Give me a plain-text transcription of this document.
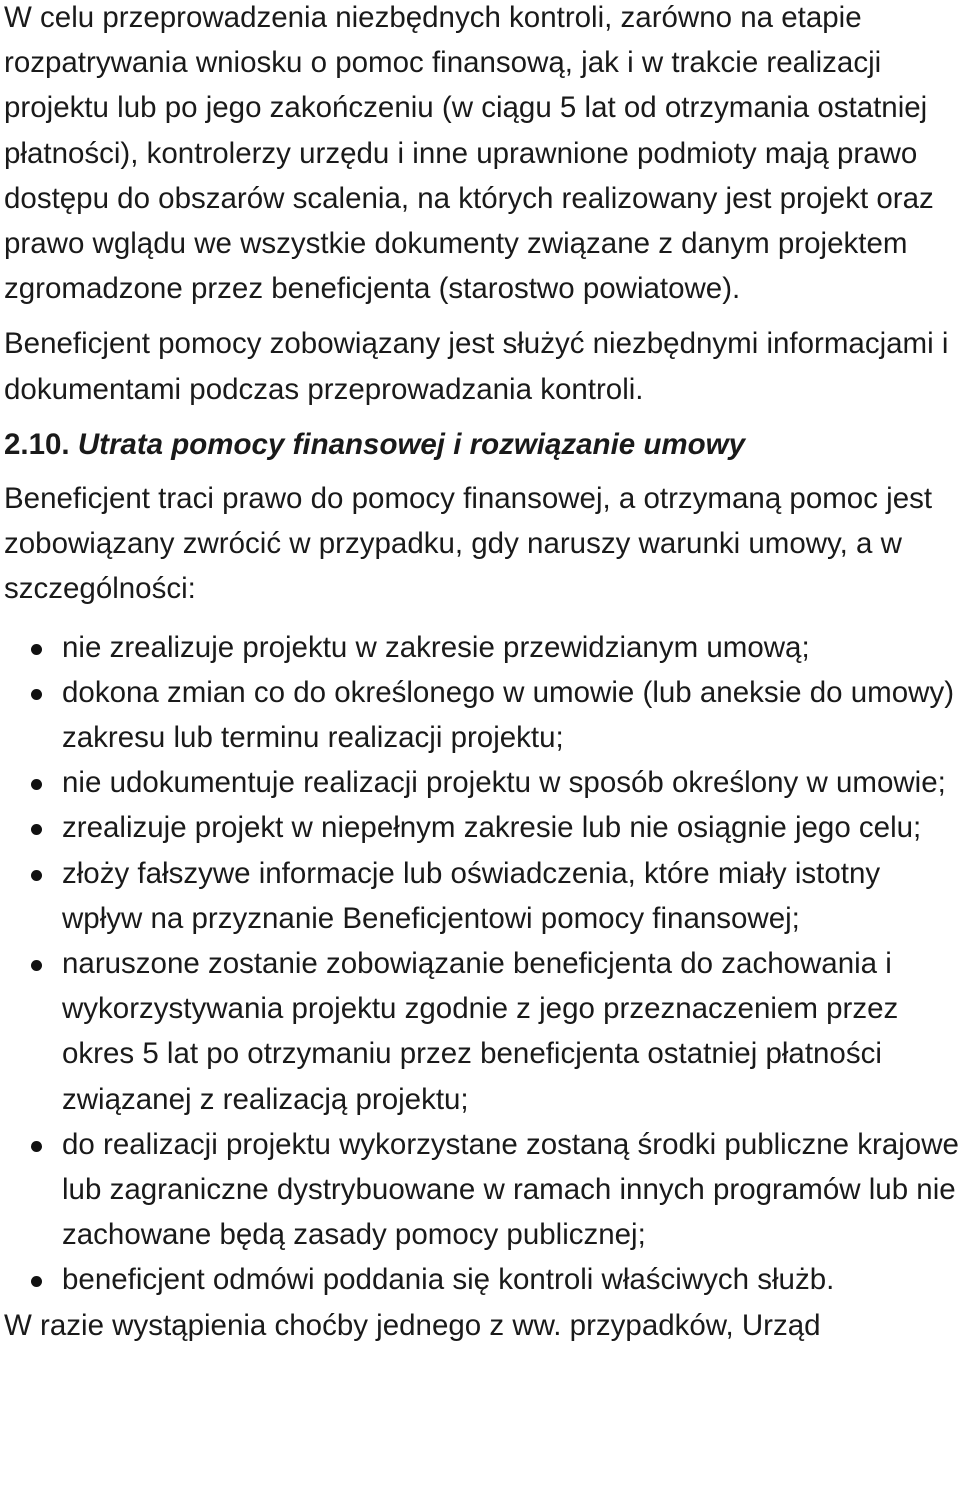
W celu przeprowadzenia niezbędnych kontroli, zarówno na etapie rozpatrywania wniosku o pomoc finansową, jak i w trakcie realizacji projektu lub po jego zakończeniu (w ciągu 5 lat od otrzymania ostatniej płatności), kontrolerzy urzędu i inne uprawnione podmioty mają prawo dostępu do obszarów scalenia, na których realizowany jest projekt oraz prawo wglądu we wszystkie dokumenty związane z danym projektem zgromadzone przez beneficjenta (starostwo powiatowe).

Beneficjent pomocy zobowiązany jest służyć niezbędnymi informacjami i dokumentami podczas przeprowadzania kontroli.

2.10. Utrata pomocy finansowej i rozwiązanie umowy

Beneficjent traci prawo do pomocy finansowej, a otrzymaną pomoc jest zobowiązany zwrócić w przypadku, gdy naruszy warunki umowy, a w szczególności:

nie zrealizuje projektu w zakresie przewidzianym umową;
dokona zmian co do określonego w umowie (lub aneksie do umowy) zakresu lub terminu realizacji projektu;
nie udokumentuje realizacji projektu w sposób określony w umowie;
zrealizuje projekt w niepełnym zakresie lub nie osiągnie jego celu;
złoży fałszywe informacje lub oświadczenia, które miały istotny wpływ na przyznanie Beneficjentowi pomocy finansowej;
naruszone zostanie zobowiązanie beneficjenta do zachowania i wykorzystywania projektu zgodnie z jego przeznaczeniem przez okres 5 lat po otrzymaniu przez beneficjenta ostatniej płatności związanej z realizacją projektu;
do realizacji projektu wykorzystane zostaną środki publiczne krajowe lub zagraniczne dystrybuowane w ramach innych programów lub nie zachowane będą zasady pomocy publicznej;
beneficjent odmówi poddania się kontroli właściwych służb.

W razie wystąpienia choćby jednego z ww. przypadków, Urząd
